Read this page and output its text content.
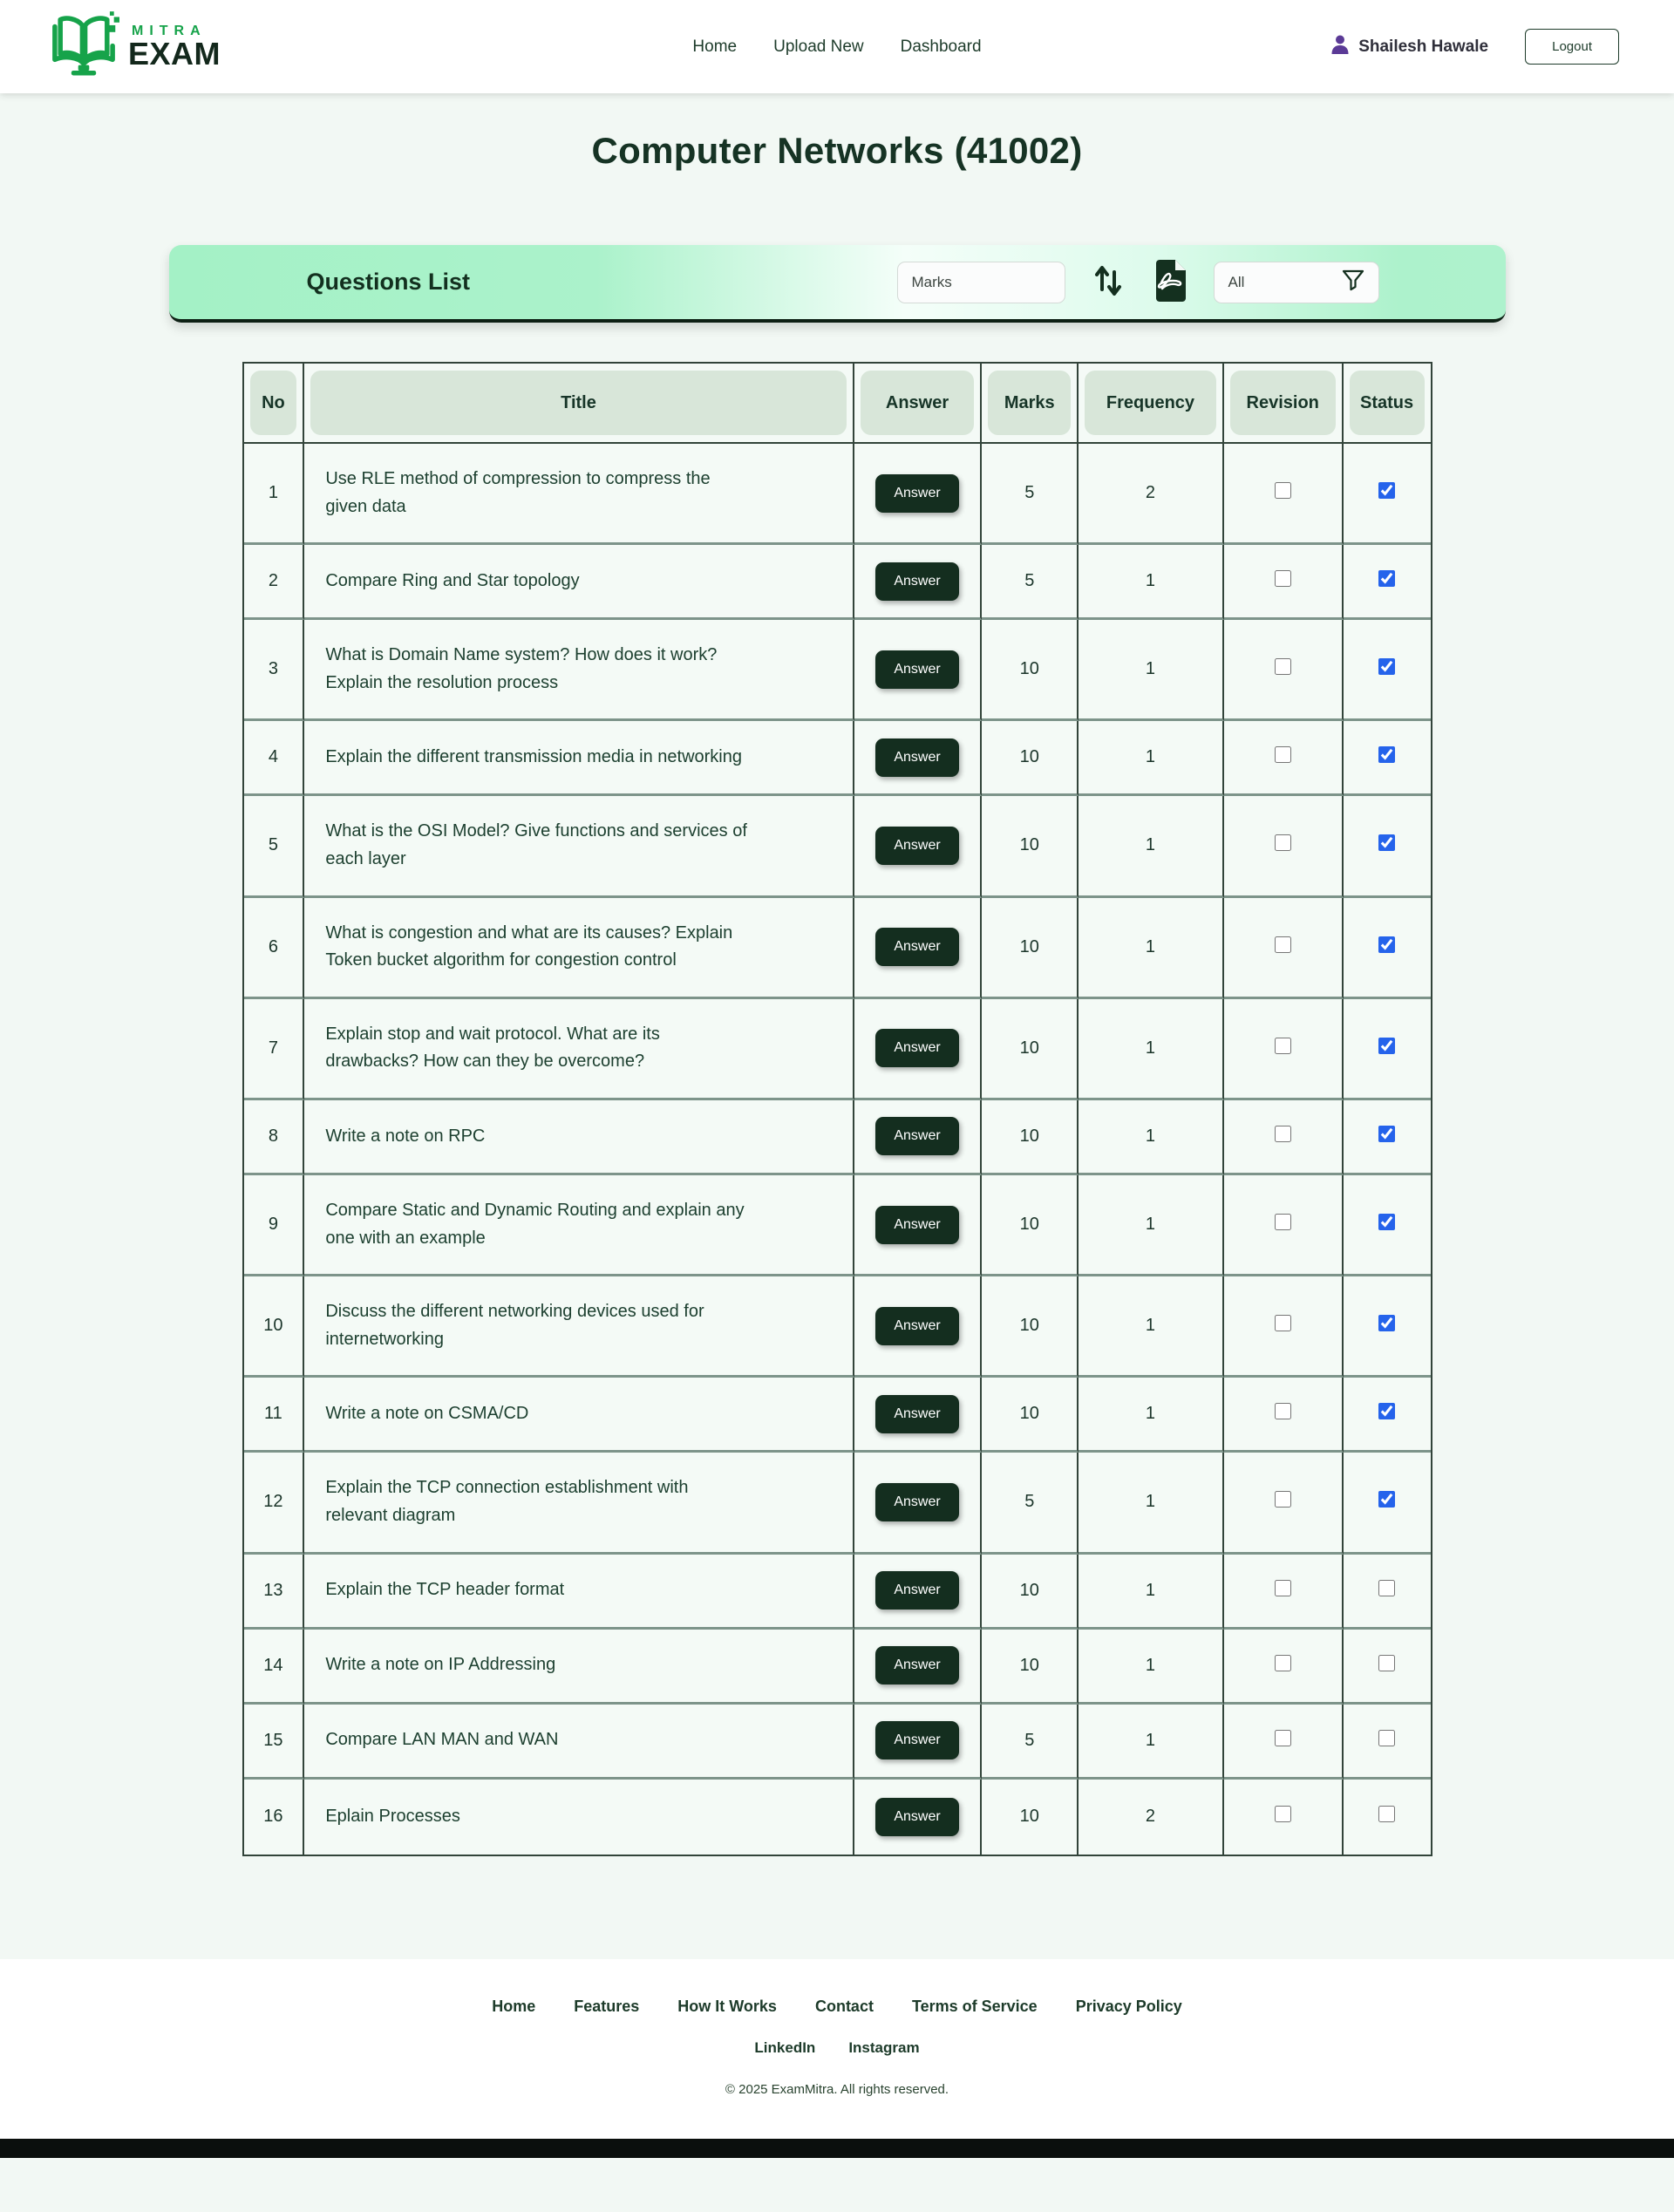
MITRA
EXAM	Home Upload New Dashboard	Shailesh Hawale	Logout
Computer Networks (41002)
Questions List
Marks	All
No	Title	Answer	Marks	Frequency	Revision	Status

1	Use RLE method of compression to compress the given data	Answer	5	2		
2	Compare Ring and Star topology	Answer	5	1		
3	What is Domain Name system? How does it work? Explain the resolution process	Answer	10	1		
4	Explain the different transmission media in networking	Answer	10	1		
5	What is the OSI Model? Give functions and services of each layer	Answer	10	1		
6	What is congestion and what are its causes? Explain Token bucket algorithm for congestion control	Answer	10	1		
7	Explain stop and wait protocol. What are its drawbacks? How can they be overcome?	Answer	10	1		
8	Write a note on RPC	Answer	10	1		
9	Compare Static and Dynamic Routing and explain any one with an example	Answer	10	1		
10	Discuss the different networking devices used for internetworking	Answer	10	1		
11	Write a note on CSMA/CD	Answer	10	1		
12	Explain the TCP connection establishment with relevant diagram	Answer	5	1		
13	Explain the TCP header format	Answer	10	1		
14	Write a note on IP Addressing	Answer	10	1		
15	Compare LAN MAN and WAN	Answer	5	1		
16	Eplain Processes	Answer	10	2		
Home Features How It Works Contact Terms of Service Privacy Policy
LinkedIn Instagram
© 2025 ExamMitra. All rights reserved.
